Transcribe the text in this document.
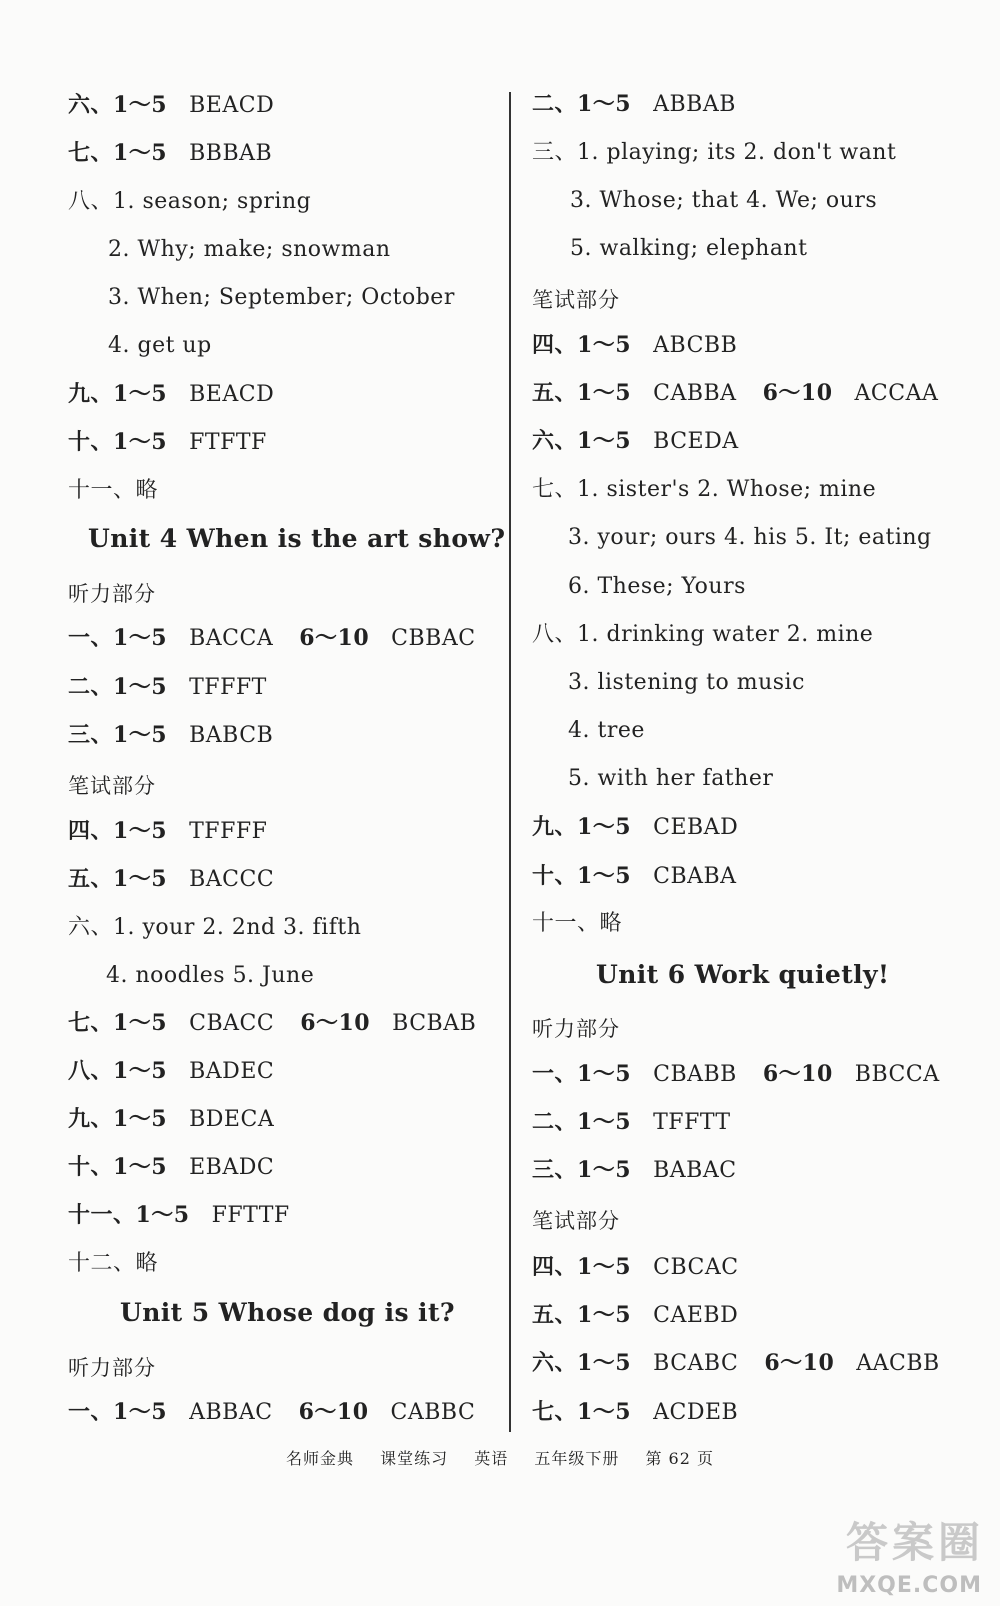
六、1～5 BEACD
七、1～5 BBBAB
八、1. season; spring
2. Why; make; snowman
3. When; September; October
4. get up
九、1～5 BEACD
十、1～5 FTFTF
十一、略
Unit 4 When is the art show?
听力部分
一、1～5 BACCA 6～10 CBBAC
二、1～5 TFFFT
三、1～5 BABCB
笔试部分
四、1～5 TFFFF
五、1～5 BACCC
六、1. your 2. 2nd 3. fifth
4. noodles 5. June
七、1～5 CBACC 6～10 BCBAB
八、1～5 BADEC
九、1～5 BDECA
十、1～5 EBADC
十一、1～5 FFTTF
十二、略
Unit 5 Whose dog is it?
听力部分
一、1～5 ABBAC 6～10 CABBC
二、1～5 ABBAB
三、1. playing; its 2. don't want
3. Whose; that 4. We; ours
5. walking; elephant
笔试部分
四、1～5 ABCBB
五、1～5 CABBA 6～10 ACCAA
六、1～5 BCEDA
七、1. sister's 2. Whose; mine
3. your; ours 4. his 5. It; eating
6. These; Yours
八、1. drinking water 2. mine
3. listening to music
4. tree
5. with her father
九、1～5 CEBAD
十、1～5 CBABA
十一、略
Unit 6 Work quietly!
听力部分
一、1～5 CBABB 6～10 BBCCA
二、1～5 TFFTT
三、1～5 BABAC
笔试部分
四、1～5 CBCAC
五、1～5 CAEBD
六、1～5 BCABC 6～10 AACBB
七、1～5 ACDEB
名师金典 课堂练习 英语 五年级下册 第 62 页
答案圈
MXQE.COM
